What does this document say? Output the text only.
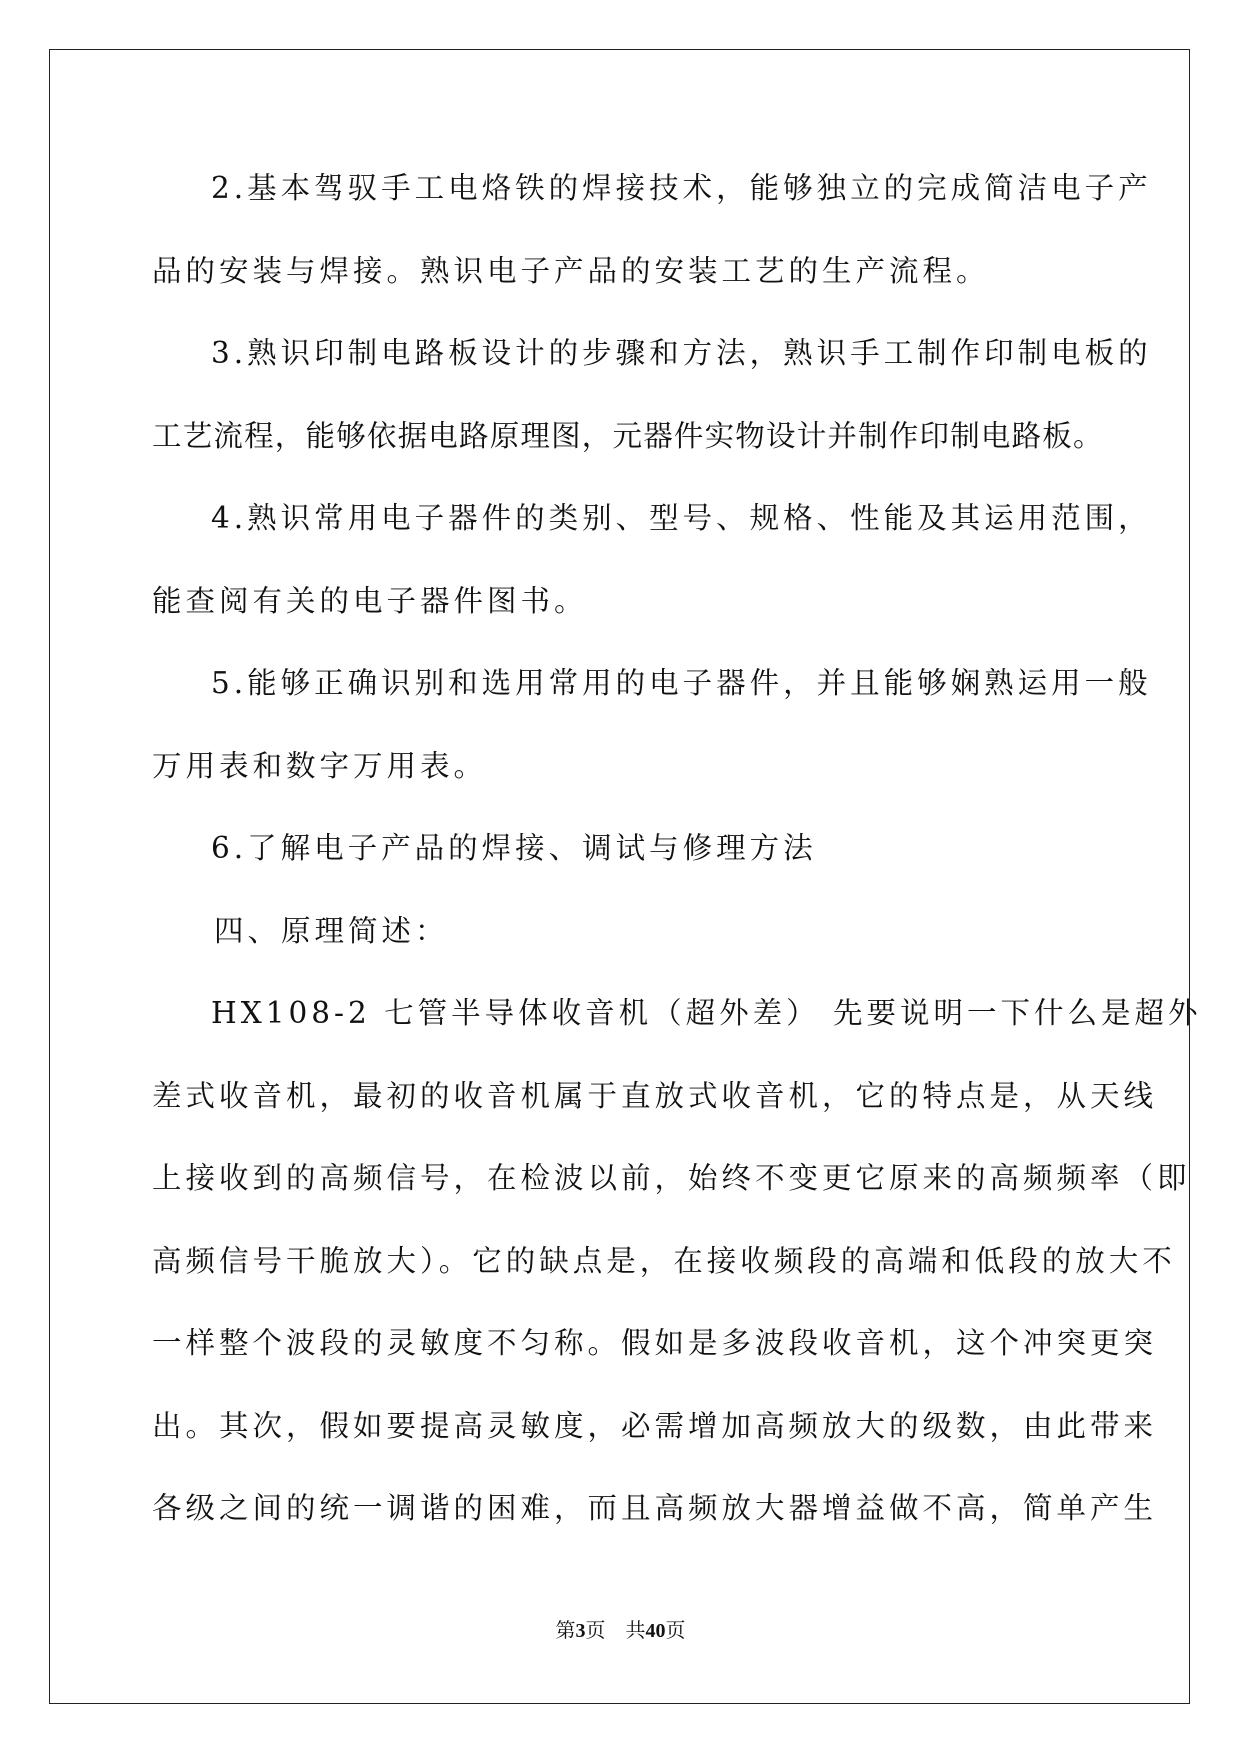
2.基本驾驭手工电烙铁的焊接技术，能够独立的完成简洁电子产
品的安装与焊接。熟识电子产品的安装工艺的生产流程。
3.熟识印制电路板设计的步骤和方法，熟识手工制作印制电板的
工艺流程，能够依据电路原理图，元器件实物设计并制作印制电路板。
4.熟识常用电子器件的类别、型号、规格、性能及其运用范围，
能查阅有关的电子器件图书。
5.能够正确识别和选用常用的电子器件，并且能够娴熟运用一般
万用表和数字万用表。
6.了解电子产品的焊接、调试与修理方法
四、原理简述：
HX108-2 七管半导体收音机（超外差） 先要说明一下什么是超外
差式收音机，最初的收音机属于直放式收音机，它的特点是，从天线
上接收到的高频信号，在检波以前，始终不变更它原来的高频频率（即
高频信号干脆放大）。它的缺点是，在接收频段的高端和低段的放大不
一样整个波段的灵敏度不匀称。假如是多波段收音机，这个冲突更突
出。其次，假如要提高灵敏度，必需增加高频放大的级数，由此带来
各级之间的统一调谐的困难，而且高频放大器增益做不高，简单产生
第3页　共40页
